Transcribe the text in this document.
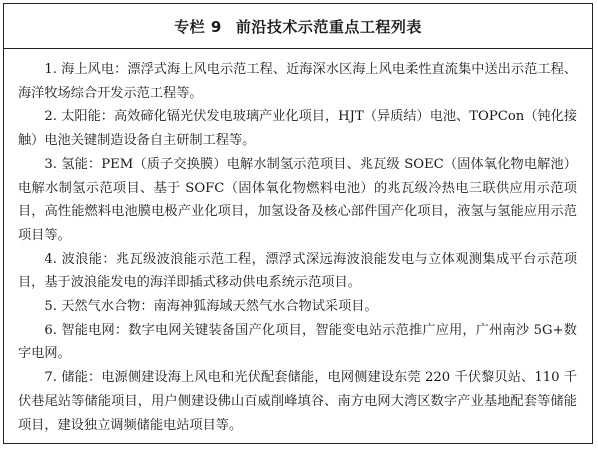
专栏 9 前沿技术示范重点工程列表

1. 海上风电：漂浮式海上风电示范工程、近海深水区海上风电柔性直流集中送出示范工程、海洋牧场综合开发示范工程等。

2. 太阳能：高效碲化镉光伏发电玻璃产业化项目，HJT（异质结）电池、TOPCon（钝化接触）电池关键制造设备自主研制工程等。

3. 氢能：PEM（质子交换膜）电解水制氢示范项目、兆瓦级 SOEC（固体氧化物电解池）电解水制氢示范项目、基于 SOFC（固体氧化物燃料电池）的兆瓦级冷热电三联供应用示范项目，高性能燃料电池膜电极产业化项目，加氢设备及核心部件国产化项目，液氢与氢能应用示范项目等。

4. 波浪能：兆瓦级波浪能示范工程，漂浮式深远海波浪能发电与立体观测集成平台示范项目，基于波浪能发电的海洋即插式移动供电系统示范项目。

5. 天然气水合物：南海神狐海域天然气水合物试采项目。

6. 智能电网：数字电网关键装备国产化项目，智能变电站示范推广应用，广州南沙 5G+数字电网。

7. 储能：电源侧建设海上风电和光伏配套储能，电网侧建设东莞 220 千伏黎贝站、110 千伏巷尾站等储能项目，用户侧建设佛山百威削峰填谷、南方电网大湾区数字产业基地配套等储能项目，建设独立调频储能电站项目等。
